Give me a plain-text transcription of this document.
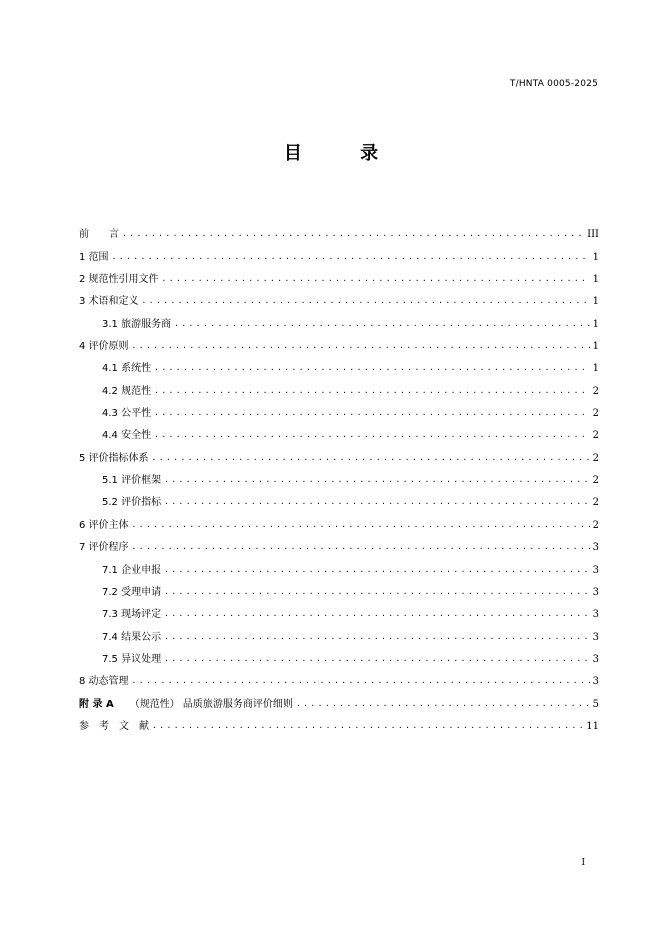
T/HNTA 0005-2025
目 录
前　　言 . . .	III
1 范围 . . .	1
2 规范性引用文件 . . .	1
3 术语和定义 . . .	1
3.1 旅游服务商 . . .	1
4 评价原则 . . .	1
4.1 系统性 . . .	1
4.2 规范性 . . .	2
4.3 公平性 . . .	2
4.4 安全性 . . .	2
5 评价指标体系 . . .	2
5.1 评价框架 . . .	2
5.2 评价指标 . . .	2
6 评价主体 . . .	2
7 评价程序 . . .	3
7.1 企业申报 . . .	3
7.2 受理申请 . . .	3
7.3 现场评定 . . .	3
7.4 结果公示 . . .	3
7.5 异议处理 . . .	3
8 动态管理 . . .	3
附 录 A （规范性） 品质旅游服务商评价细则 . . .	5
参　考　文　献 . . .	11
I
